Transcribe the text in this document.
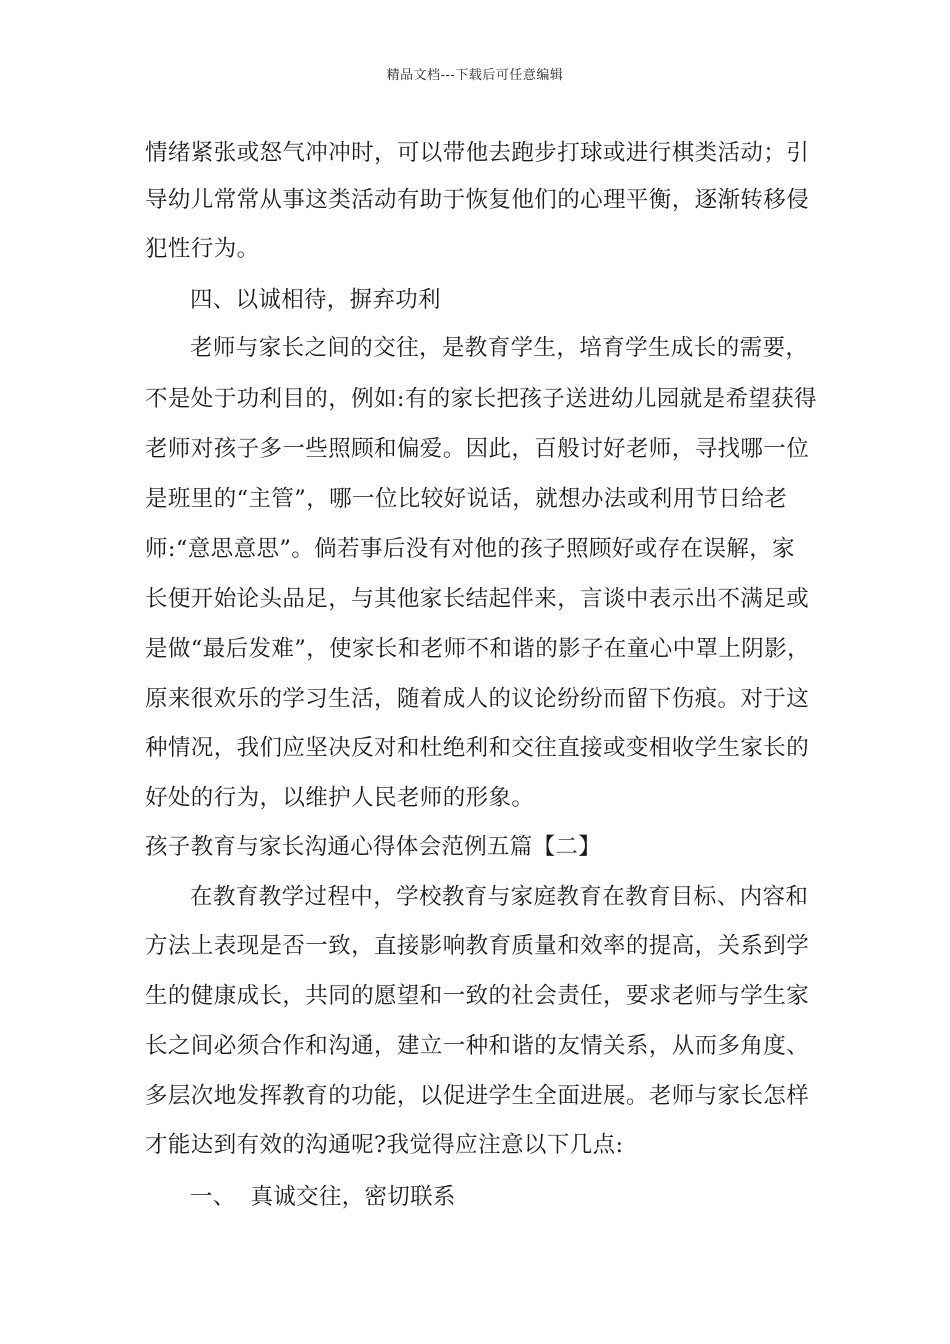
精品文档---下载后可任意编辑
情绪紧张或怒气冲冲时，可以带他去跑步打球或进行棋类活动；引
导幼儿常常从事这类活动有助于恢复他们的心理平衡，逐渐转移侵
犯性行为。
四、以诚相待，摒弃功利
老师与家长之间的交往，是教育学生，培育学生成长的需要，
不是处于功利目的，例如:有的家长把孩子送进幼儿园就是希望获得
老师对孩子多一些照顾和偏爱。因此，百般讨好老师，寻找哪一位
是班里的“主管”，哪一位比较好说话，就想办法或利用节日给老
师:“意思意思”。倘若事后没有对他的孩子照顾好或存在误解，家
长便开始论头品足，与其他家长结起伴来，言谈中表示出不满足或
是做“最后发难”，使家长和老师不和谐的影子在童心中罩上阴影，
原来很欢乐的学习生活，随着成人的议论纷纷而留下伤痕。对于这
种情况，我们应坚决反对和杜绝利和交往直接或变相收学生家长的
好处的行为，以维护人民老师的形象。
孩子教育与家长沟通心得体会范例五篇【二】
在教育教学过程中，学校教育与家庭教育在教育目标、内容和
方法上表现是否一致，直接影响教育质量和效率的提高，关系到学
生的健康成长，共同的愿望和一致的社会责任，要求老师与学生家
长之间必须合作和沟通，建立一种和谐的友情关系，从而多角度、
多层次地发挥教育的功能，以促进学生全面进展。老师与家长怎样
才能达到有效的沟通呢?我觉得应注意以下几点:
一、  真诚交往，密切联系
